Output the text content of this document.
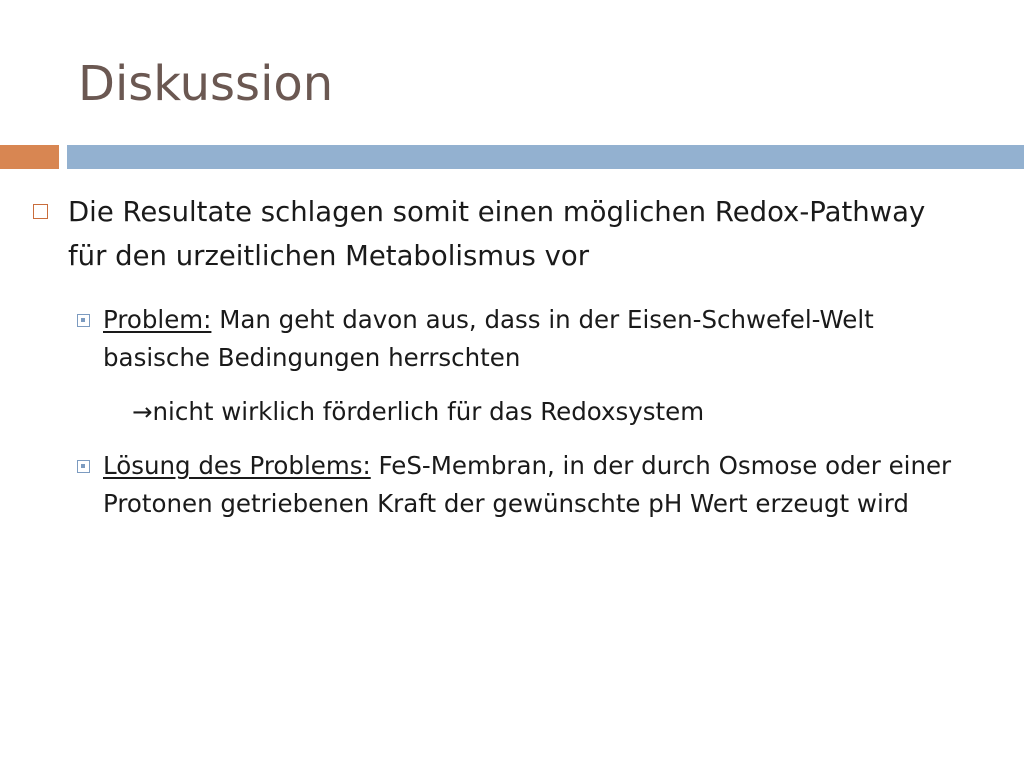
Diskussion
Die Resultate schlagen somit einen möglichen Redox-Pathway für den urzeitlichen Metabolismus vor
Problem: Man geht davon aus, dass in der Eisen-Schwefel-Welt basische Bedingungen herrschten
→nicht wirklich förderlich für das Redoxsystem
Lösung des Problems: FeS-Membran, in der durch Osmose oder einer Protonen getriebenen Kraft der gewünschte pH Wert erzeugt wird
